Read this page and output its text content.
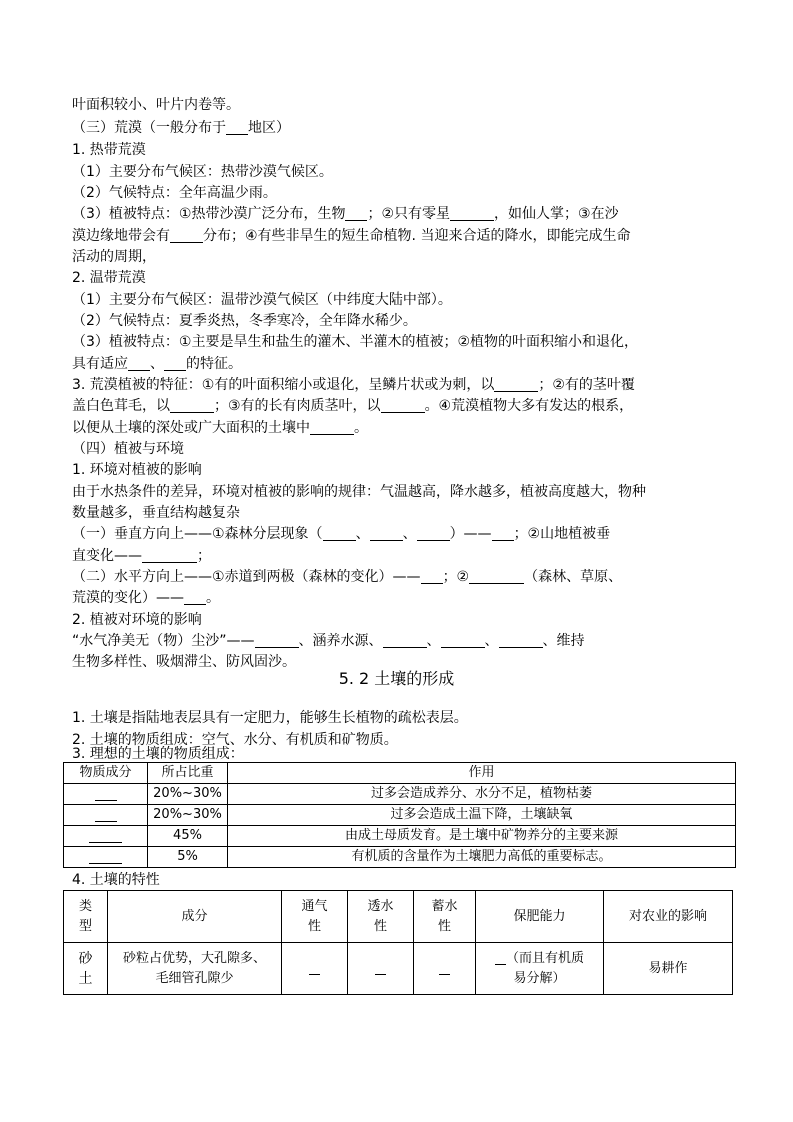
叶面积较小、叶片内卷等。
（三）荒漠（一般分布于 地区）
1. 热带荒漠
（1）主要分布气候区：热带沙漠气候区。
（2）气候特点：全年高温少雨。
（3）植被特点：①热带沙漠广泛分布，生物 ；②只有零星	，如仙人掌；③在沙
漠边缘地带会有 分布；④有些非旱生的短生命植物. 当迎来合适的降水，即能完成生命
活动的周期，
2. 温带荒漠
（1）主要分布气候区：温带沙漠气候区（中纬度大陆中部）。
（2）气候特点：夏季炎热，冬季寒冷，全年降水稀少。
（3）植被特点：①主要是旱生和盐生的灌木、半灌木的植被；②植物的叶面积缩小和退化，
具有适应 、 的特征。
3. 荒漠植被的特征：①有的叶面积缩小或退化，呈鳞片状或为刺，以	；②有的茎叶覆
盖白色茸毛，以	；③有的长有肉质茎叶，以	。④荒漠植物大多有发达的根系，
以便从土壤的深处或广大面积的土壤中	。
（四）植被与环境
1. 环境对植被的影响
由于水热条件的差异，环境对植被的影响的规律：气温越高，降水越多，植被高度越大，物种
数量越多，垂直结构越复杂
（一）垂直方向上——①森林分层现象（ 、 、 ）—— ；②山地植被垂
直变化——	；
（二）水平方向上——①赤道到两极（森林的变化）—— ；②	（森林、草原、
荒漠的变化）—— 。
2. 植被对环境的影响
“水气净美无（物）尘沙”——	、涵养水源、	、	、	、维持
生物多样性、吸烟滞尘、防风固沙。
1. 土壤是指陆地表层具有一定肥力，能够生长植物的疏松表层。
2. 土壤的物质组成：空气、水分、有机质和矿物质。
3. 理想的土壤的物质组成：
4. 土壤的特性
5. 2 土壤的形成
物质成分	所占比重	作用
	20%~30%	过多会造成养分、水分不足，植物枯萎
	20%~30%	过多会造成土温下降，土壤缺氧
	45%	由成土母质发育。是土壤中矿物养分的主要来源
	5%	有机质的含量作为土壤肥力高低的重要标志。
类型	成分	通气性	透水性	蓄水性	保肥能力	对农业的影响
砂土	砂粒占优势，大孔隙多、毛细管孔隙少				（而且有机质易分解）	易耕作
